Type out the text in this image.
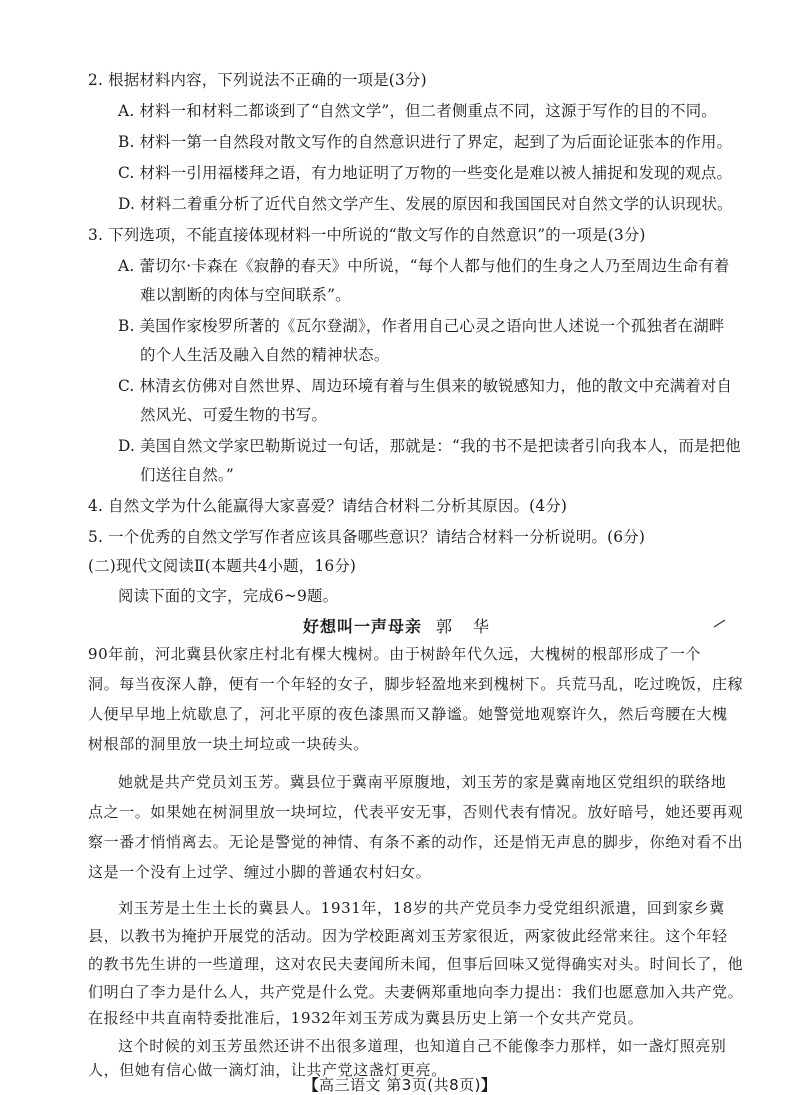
2. 根据材料内容，下列说法不正确的一项是(3分)
A. 材料一和材料二都谈到了“自然文学”，但二者侧重点不同，这源于写作的目的不同。
B. 材料一第一自然段对散文写作的自然意识进行了界定，起到了为后面论证张本的作用。
C. 材料一引用福楼拜之语，有力地证明了万物的一些变化是难以被人捕捉和发现的观点。
D. 材料二着重分析了近代自然文学产生、发展的原因和我国国民对自然文学的认识现状。
3. 下列选项，不能直接体现材料一中所说的“散文写作的自然意识”的一项是(3分)
A. 蕾切尔·卡森在《寂静的春天》中所说，“每个人都与他们的生身之人乃至周边生命有着
难以割断的肉体与空间联系”。
B. 美国作家梭罗所著的《瓦尔登湖》，作者用自己心灵之语向世人述说一个孤独者在湖畔
的个人生活及融入自然的精神状态。
C. 林清玄仿佛对自然世界、周边环境有着与生俱来的敏锐感知力，他的散文中充满着对自
然风光、可爱生物的书写。
D. 美国自然文学家巴勒斯说过一句话，那就是：“我的书不是把读者引向我本人，而是把他
们送往自然。”
4. 自然文学为什么能赢得大家喜爱？请结合材料二分析其原因。(4分)
5. 一个优秀的自然文学写作者应该具备哪些意识？请结合材料一分析说明。(6分)
(二)现代文阅读Ⅱ(本题共4小题，16分)
阅读下面的文字，完成6~9题。
好想叫一声母亲 郭 华
90年前，河北冀县伙家庄村北有棵大槐树。由于树龄年代久远，大槐树的根部形成了一个
洞。每当夜深人静，便有一个年轻的女子，脚步轻盈地来到槐树下。兵荒马乱，吃过晚饭，庄稼
人便早早地上炕歇息了，河北平原的夜色漆黑而又静谧。她警觉地观察许久，然后弯腰在大槐
树根部的洞里放一块土坷垃或一块砖头。
她就是共产党员刘玉芳。冀县位于冀南平原腹地，刘玉芳的家是冀南地区党组织的联络地
点之一。如果她在树洞里放一块坷垃，代表平安无事，否则代表有情况。放好暗号，她还要再观
察一番才悄悄离去。无论是警觉的神情、有条不紊的动作，还是悄无声息的脚步，你绝对看不出
这是一个没有上过学、缠过小脚的普通农村妇女。
刘玉芳是土生土长的冀县人。1931年，18岁的共产党员李力受党组织派遣，回到家乡冀
县，以教书为掩护开展党的活动。因为学校距离刘玉芳家很近，两家彼此经常来往。这个年轻
的教书先生讲的一些道理，这对农民夫妻闻所未闻，但事后回味又觉得确实对头。时间长了，他
们明白了李力是什么人，共产党是什么党。夫妻俩郑重地向李力提出：我们也愿意加入共产党。
在报经中共直南特委批准后，1932年刘玉芳成为冀县历史上第一个女共产党员。
这个时候的刘玉芳虽然还讲不出很多道理，也知道自己不能像李力那样，如一盏灯照亮别
人，但她有信心做一滴灯油，让共产党这盏灯更亮。
【高三语文 第3页(共8页)】
